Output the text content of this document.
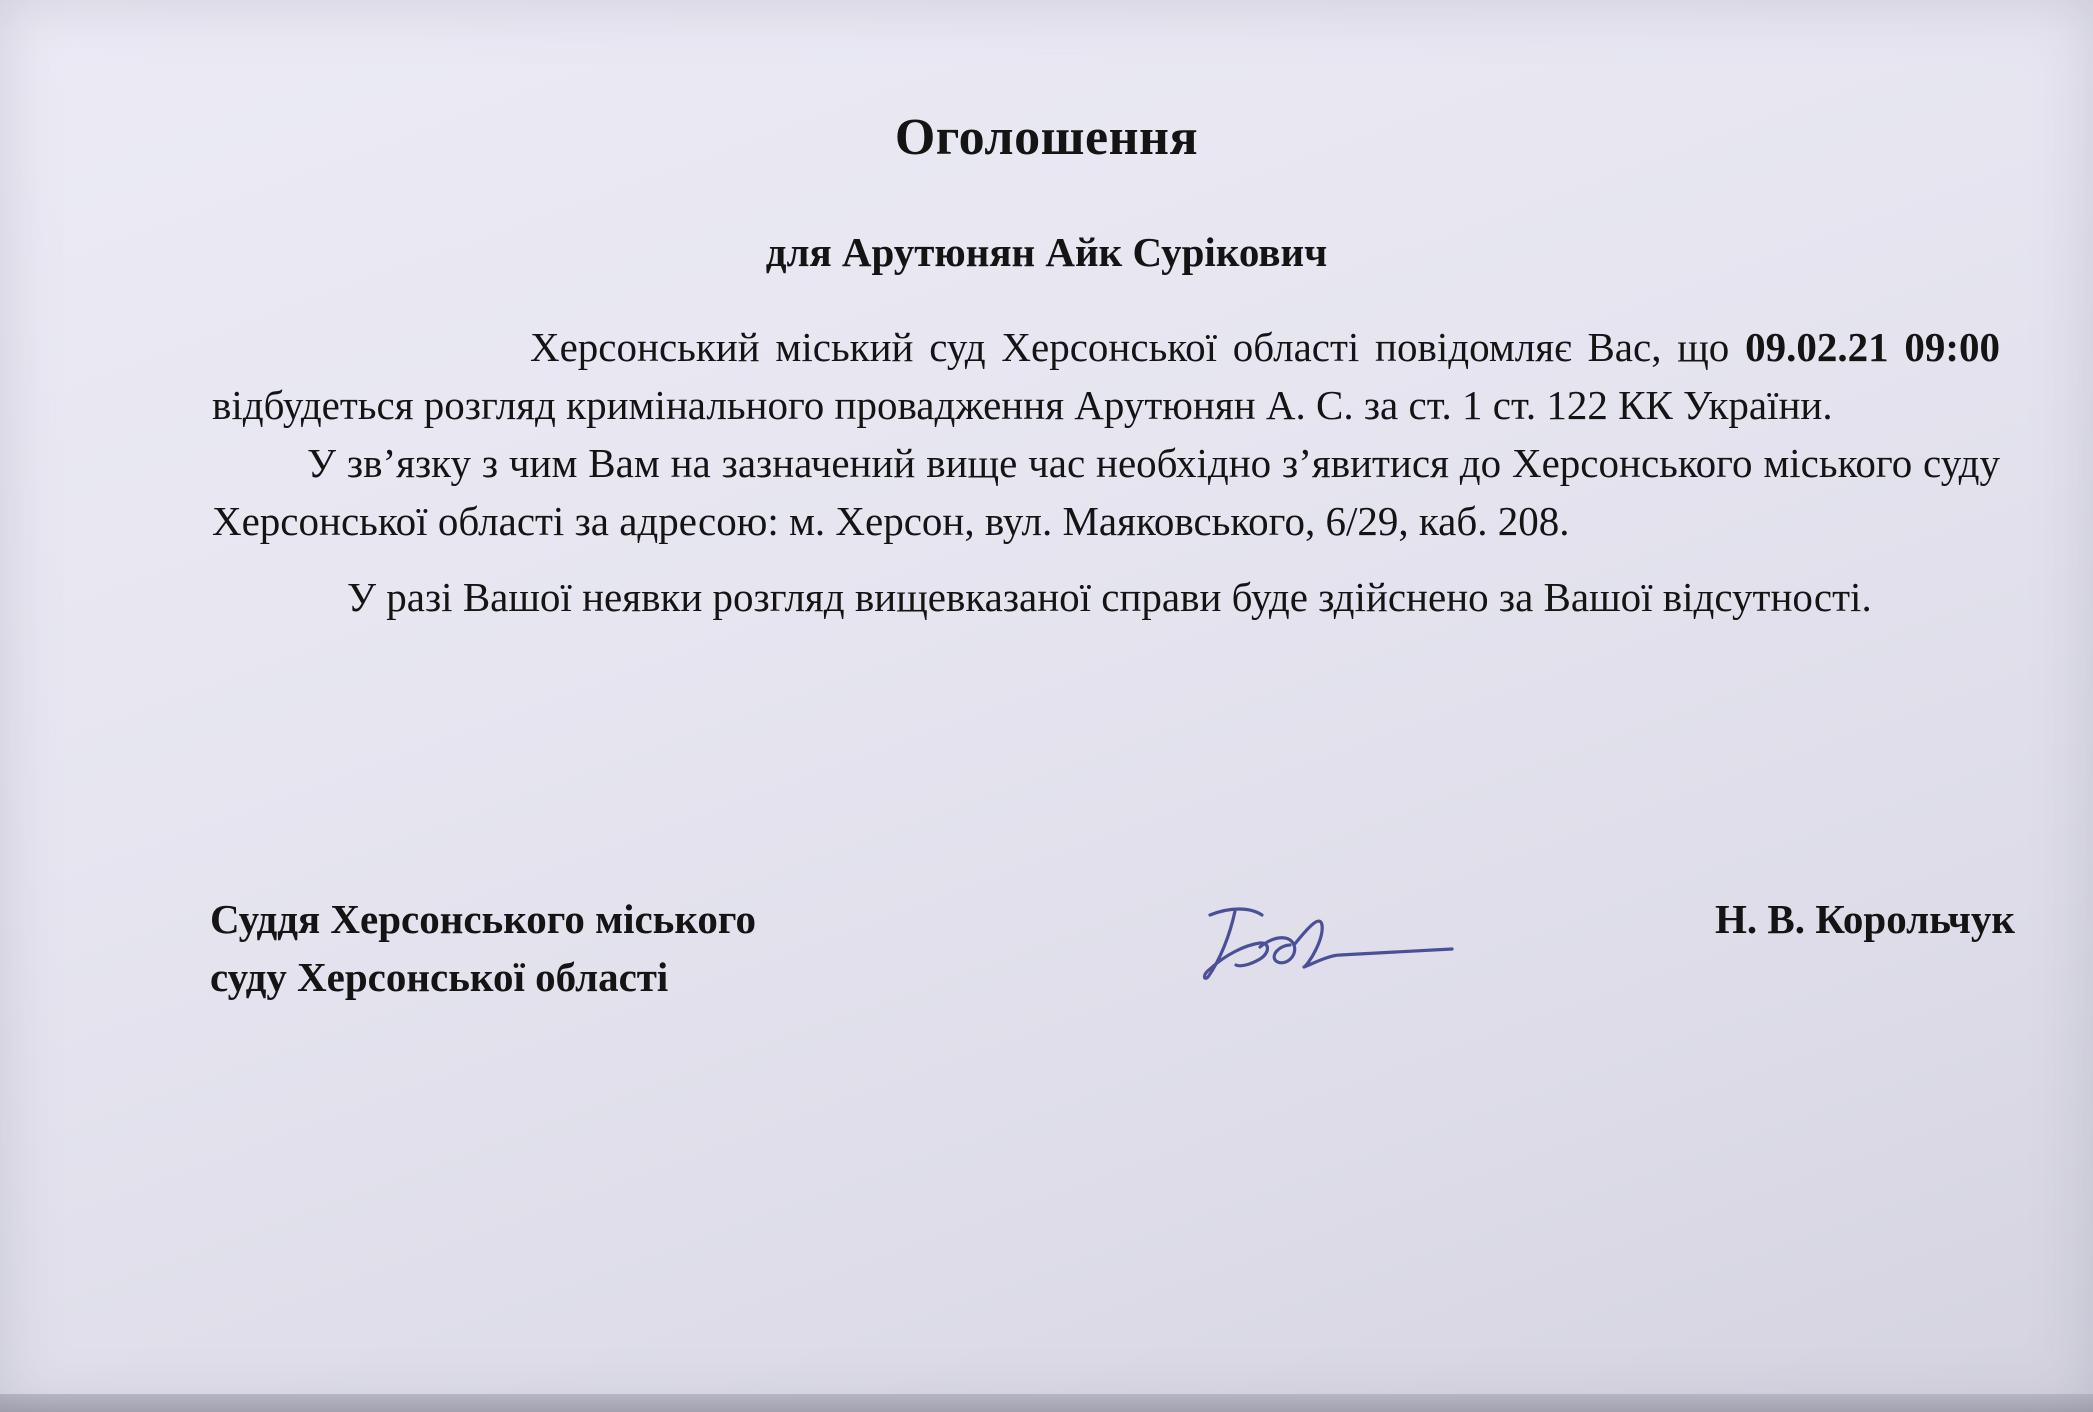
Оголошення
для Арутюнян Айк Сурікович

Херсонський міський суд Херсонської області повідомляє Вас, що 09.02.21 09:00 відбудеться розгляд кримінального провадження Арутюнян А. С. за ст. 1 ст. 122 КК України.

У зв’язку з чим Вам на зазначений вище час необхідно з’явитися до Херсонського міського суду Херсонської області за адресою: м. Херсон, вул. Маяковського, 6/29, каб. 208.

У разі Вашої неявки розгляд вищевказаної справи буде здійснено за Вашої відсутності.

Суддя Херсонського міського
суду Херсонської області
Н. В. Корольчук
